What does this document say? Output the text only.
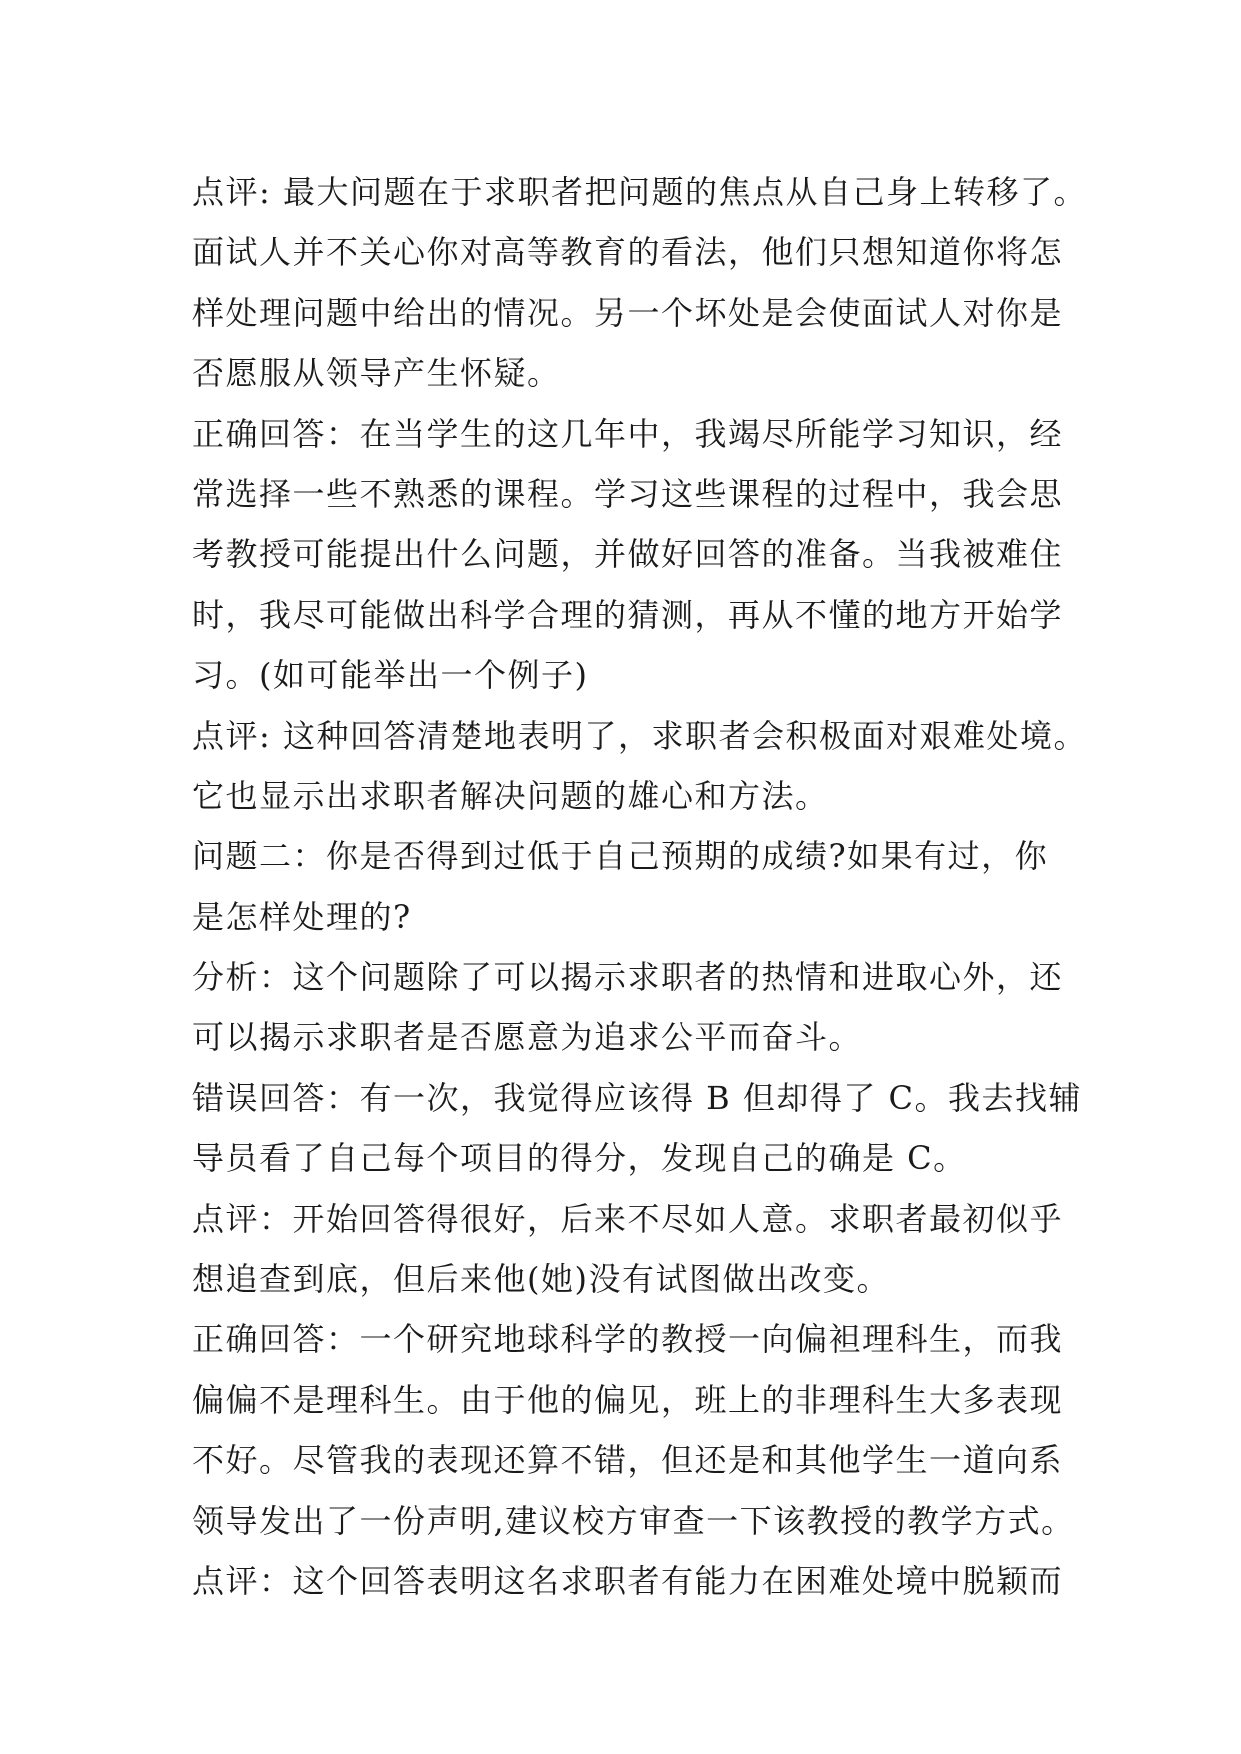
点评: 最大问题在于求职者把问题的焦点从自己身上转移了。
面试人并不关心你对高等教育的看法，他们只想知道你将怎
样处理问题中给出的情况。另一个坏处是会使面试人对你是
否愿服从领导产生怀疑。
正确回答：在当学生的这几年中，我竭尽所能学习知识，经
常选择一些不熟悉的课程。学习这些课程的过程中，我会思
考教授可能提出什么问题，并做好回答的准备。当我被难住
时，我尽可能做出科学合理的猜测，再从不懂的地方开始学
习。(如可能举出一个例子)
点评: 这种回答清楚地表明了，求职者会积极面对艰难处境。
它也显示出求职者解决问题的雄心和方法。
问题二：你是否得到过低于自己预期的成绩?如果有过，你
是怎样处理的?
分析：这个问题除了可以揭示求职者的热情和进取心外，还
可以揭示求职者是否愿意为追求公平而奋斗。
错误回答：有一次，我觉得应该得 B 但却得了 C。我去找辅
导员看了自己每个项目的得分，发现自己的确是 C。
点评：开始回答得很好，后来不尽如人意。求职者最初似乎
想追查到底，但后来他(她)没有试图做出改变。
正确回答：一个研究地球科学的教授一向偏袒理科生，而我
偏偏不是理科生。由于他的偏见，班上的非理科生大多表现
不好。尽管我的表现还算不错，但还是和其他学生一道向系
领导发出了一份声明,建议校方审查一下该教授的教学方式。
点评：这个回答表明这名求职者有能力在困难处境中脱颖而
